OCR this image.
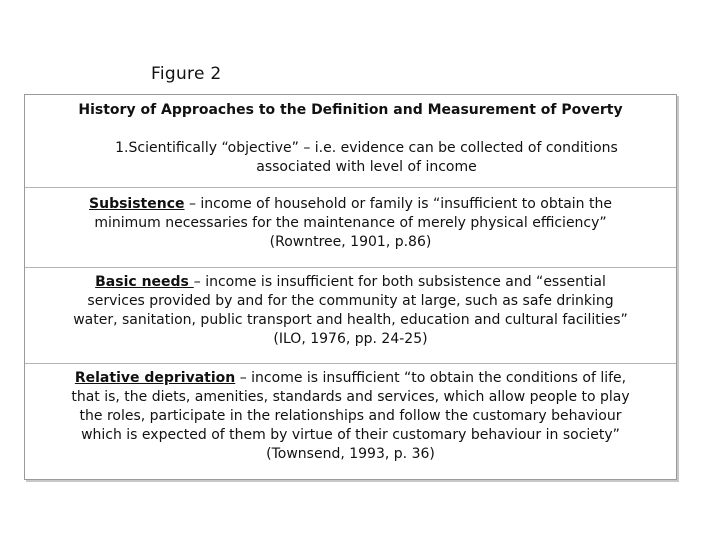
Figure 2
History of Approaches to the Definition and Measurement of Poverty
1.Scientifically “objective” – i.e. evidence can be collected of conditions
associated with level of income
Subsistence – income of household or family is “insufficient to obtain the
minimum necessaries for the maintenance of merely physical efficiency”
(Rowntree, 1901, p.86)
Basic needs – income is insufficient for both subsistence and “essential
services provided by and for the community at large, such as safe drinking
water, sanitation, public transport and health, education and cultural facilities”
(ILO, 1976, pp. 24-25)
Relative deprivation – income is insufficient “to obtain the conditions of life,
that is, the diets, amenities, standards and services, which allow people to play
the roles, participate in the relationships and follow the customary behaviour
which is expected of them by virtue of their customary behaviour in society”
(Townsend, 1993, p. 36)
